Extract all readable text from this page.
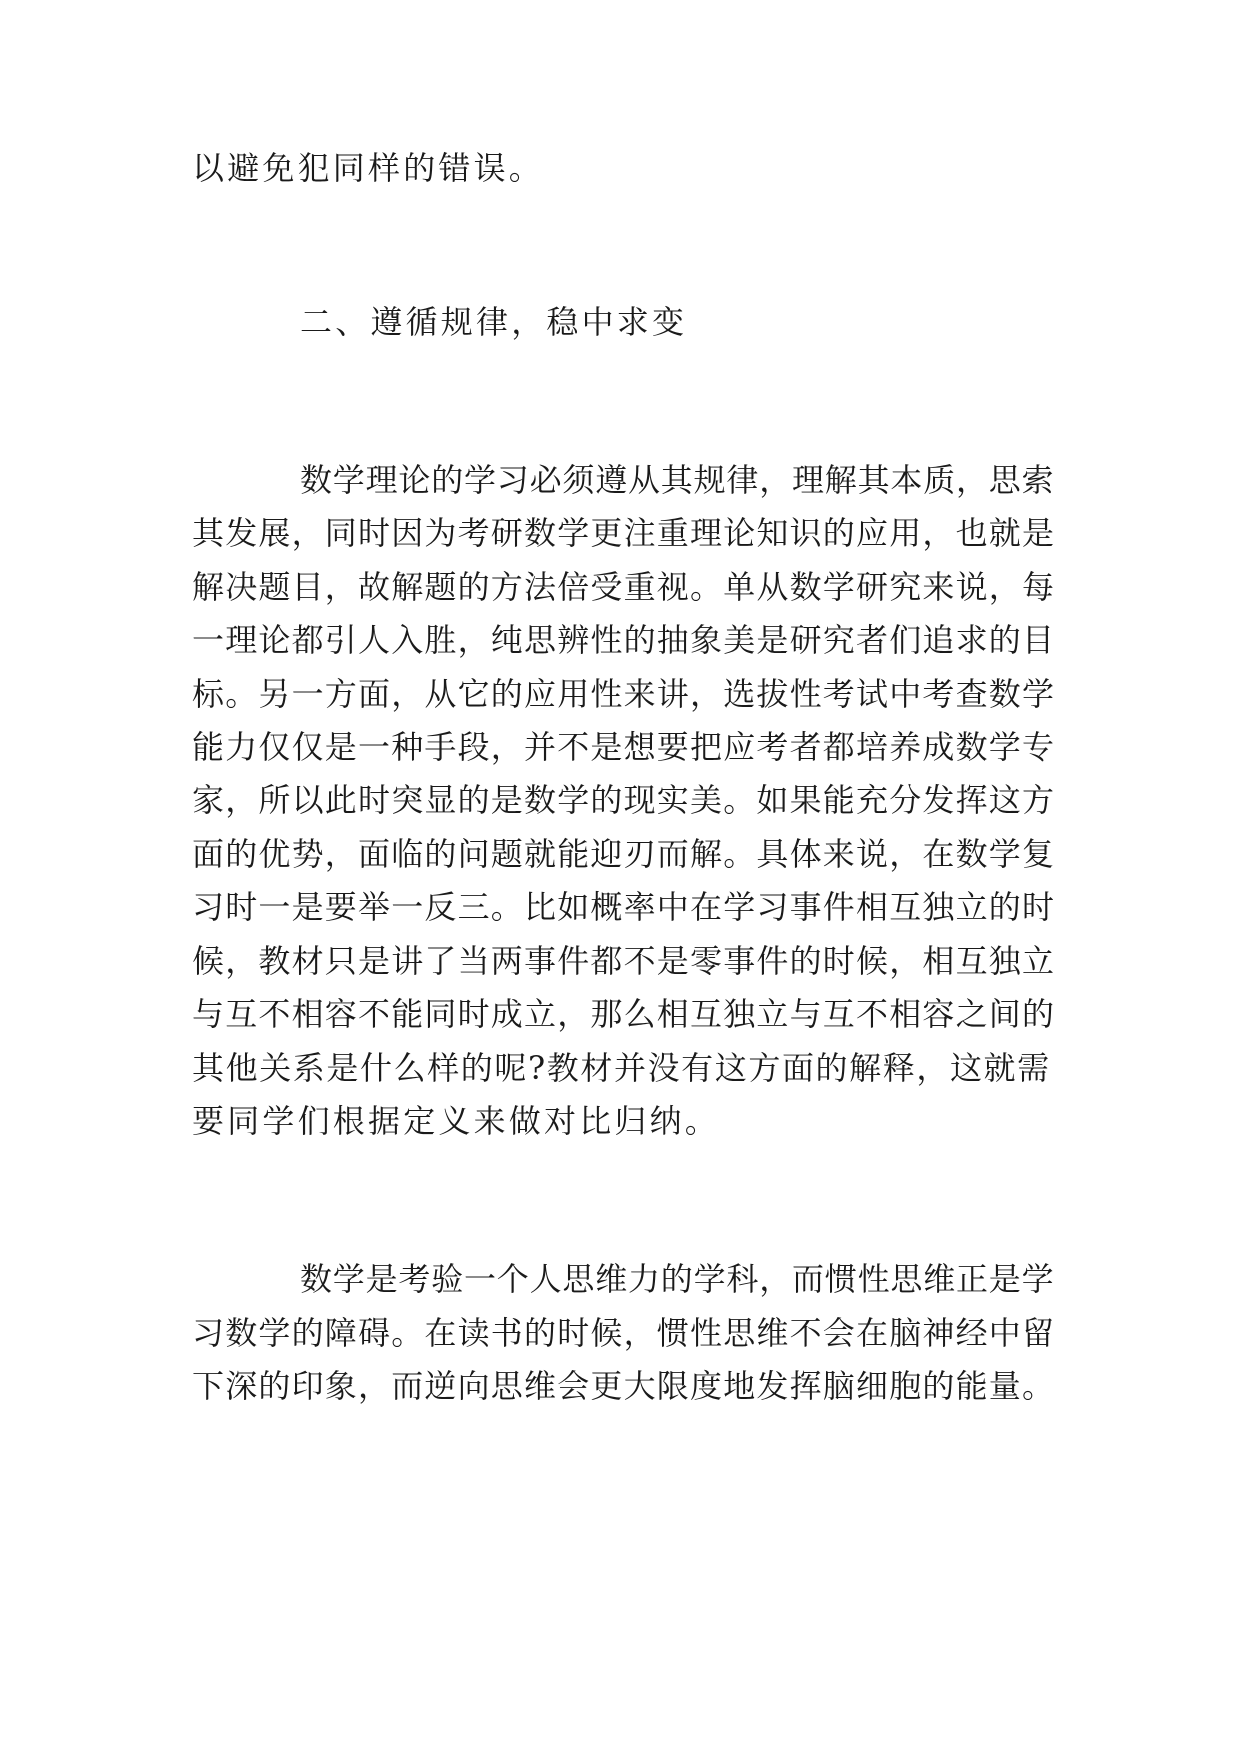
以避免犯同样的错误。
二、遵循规律，稳中求变
数学理论的学习必须遵从其规律，理解其本质，思索
其发展，同时因为考研数学更注重理论知识的应用，也就是
解决题目，故解题的方法倍受重视。单从数学研究来说，每
一理论都引人入胜，纯思辨性的抽象美是研究者们追求的目
标。另一方面，从它的应用性来讲，选拔性考试中考查数学
能力仅仅是一种手段，并不是想要把应考者都培养成数学专
家，所以此时突显的是数学的现实美。如果能充分发挥这方
面的优势，面临的问题就能迎刃而解。具体来说，在数学复
习时一是要举一反三。比如概率中在学习事件相互独立的时
候，教材只是讲了当两事件都不是零事件的时候，相互独立
与互不相容不能同时成立，那么相互独立与互不相容之间的
其他关系是什么样的呢?教材并没有这方面的解释，这就需
要同学们根据定义来做对比归纳。
数学是考验一个人思维力的学科，而惯性思维正是学
习数学的障碍。在读书的时候，惯性思维不会在脑神经中留
下深的印象，而逆向思维会更大限度地发挥脑细胞的能量。
